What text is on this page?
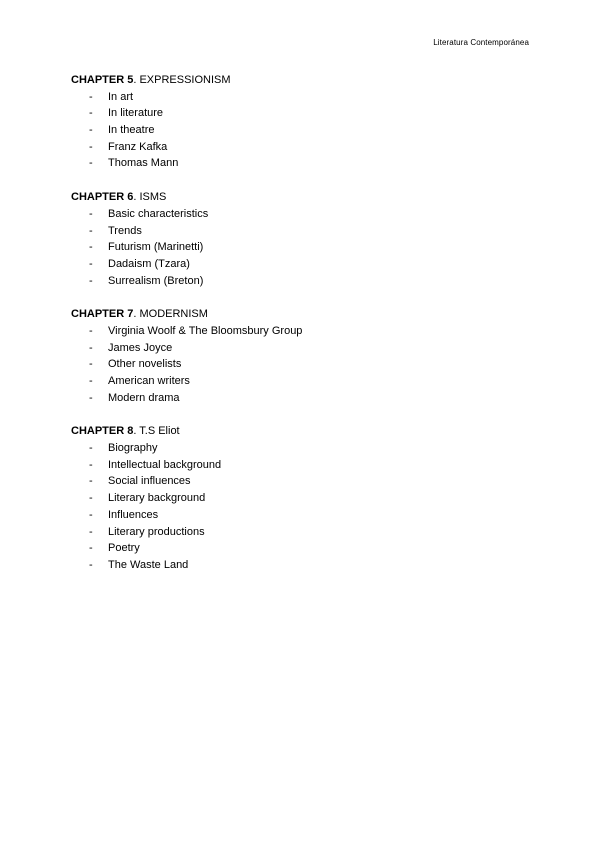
Literatura Contemporánea
CHAPTER 5. EXPRESSIONISM
- In art
- In literature
- In theatre
- Franz Kafka
- Thomas Mann
CHAPTER 6. ISMS
- Basic characteristics
- Trends
- Futurism (Marinetti)
- Dadaism (Tzara)
- Surrealism (Breton)
CHAPTER 7. MODERNISM
- Virginia Woolf & The Bloomsbury Group
- James Joyce
- Other novelists
- American writers
- Modern drama
CHAPTER 8. T.S Eliot
- Biography
- Intellectual background
- Social influences
- Literary background
- Influences
- Literary productions
- Poetry
- The Waste Land
